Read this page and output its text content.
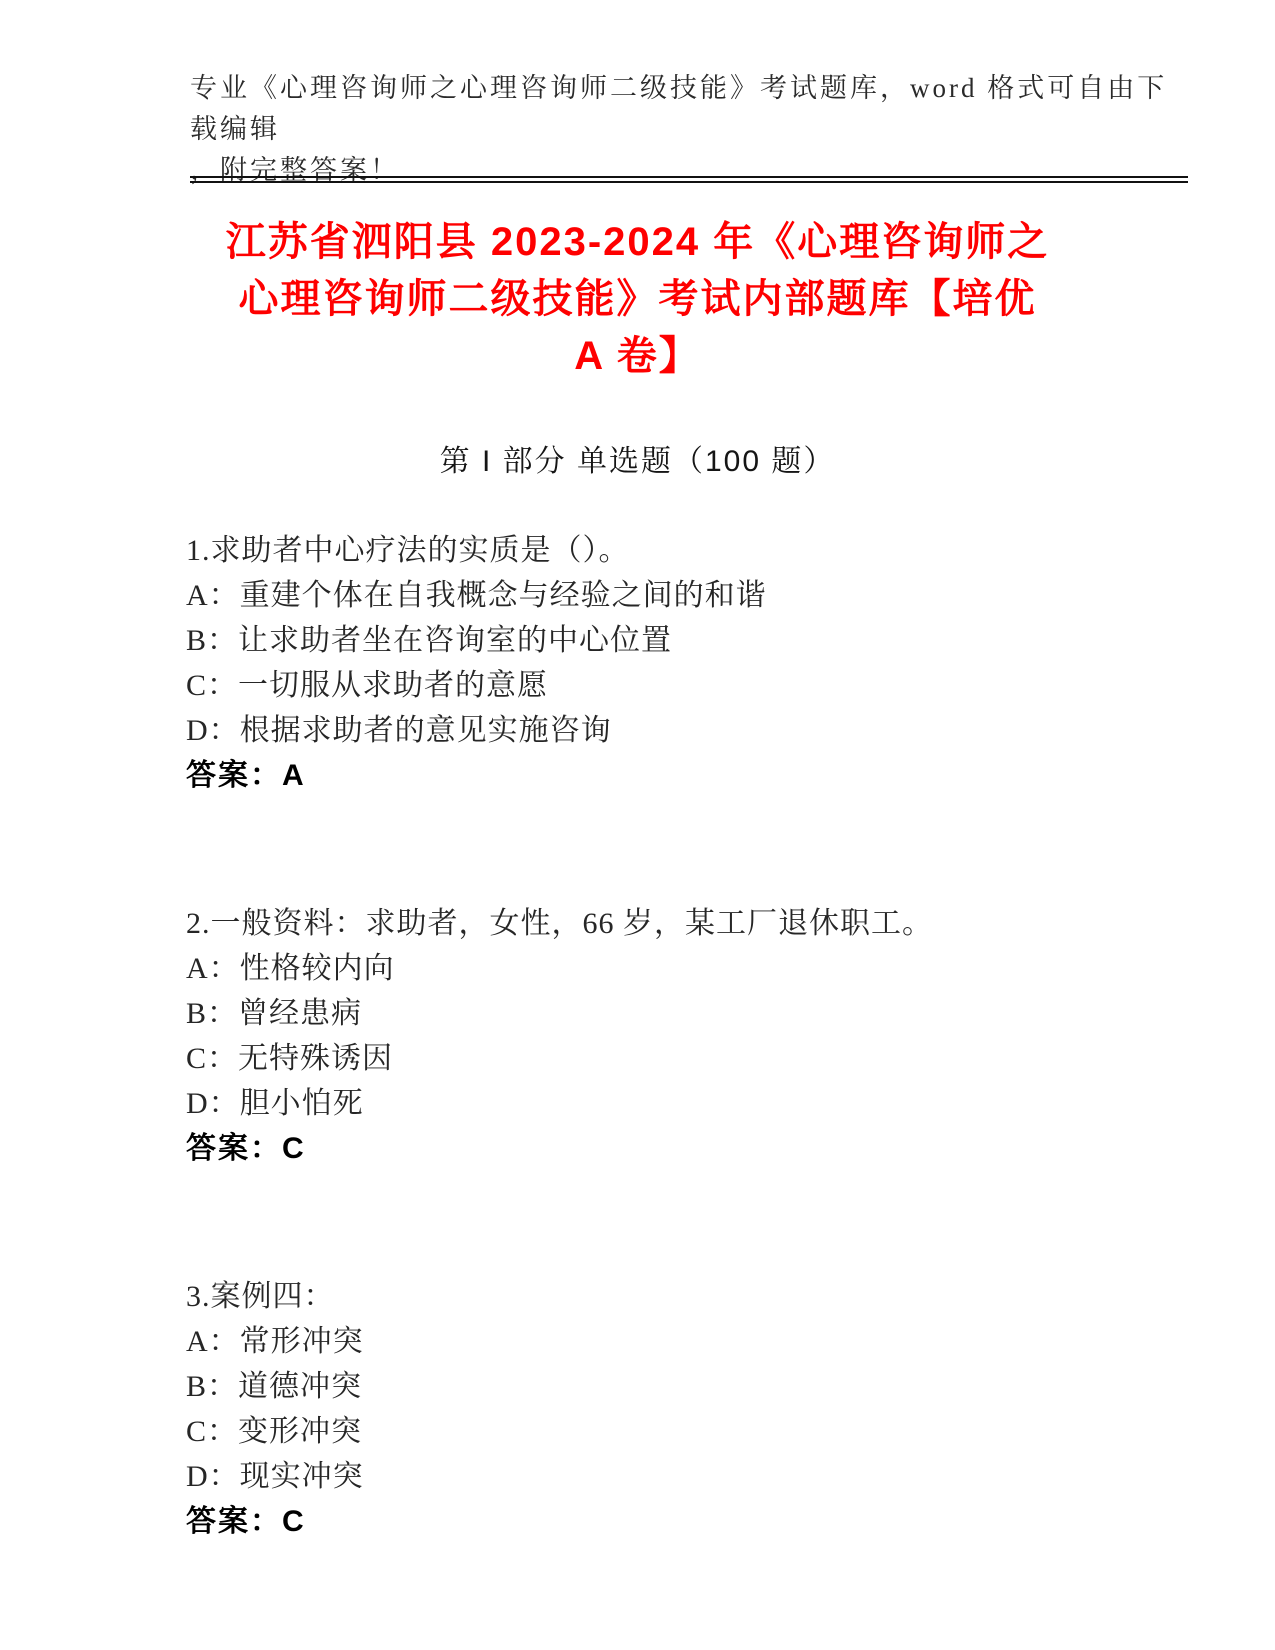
专业《心理咨询师之心理咨询师二级技能》考试题库，word 格式可自由下载编辑
，附完整答案！
江苏省泗阳县 2023-2024 年《心理咨询师之
心理咨询师二级技能》考试内部题库【培优
A 卷】
第 I 部分 单选题（100 题）
1.求助者中心疗法的实质是（）。
A：重建个体在自我概念与经验之间的和谐
B：让求助者坐在咨询室的中心位置
C：一切服从求助者的意愿
D：根据求助者的意见实施咨询
答案：A
2.一般资料：求助者，女性，66 岁，某工厂退休职工。
A：性格较内向
B：曾经患病
C：无特殊诱因
D：胆小怕死
答案：C
3.案例四：
A：常形冲突
B：道德冲突
C：变形冲突
D：现实冲突
答案：C
